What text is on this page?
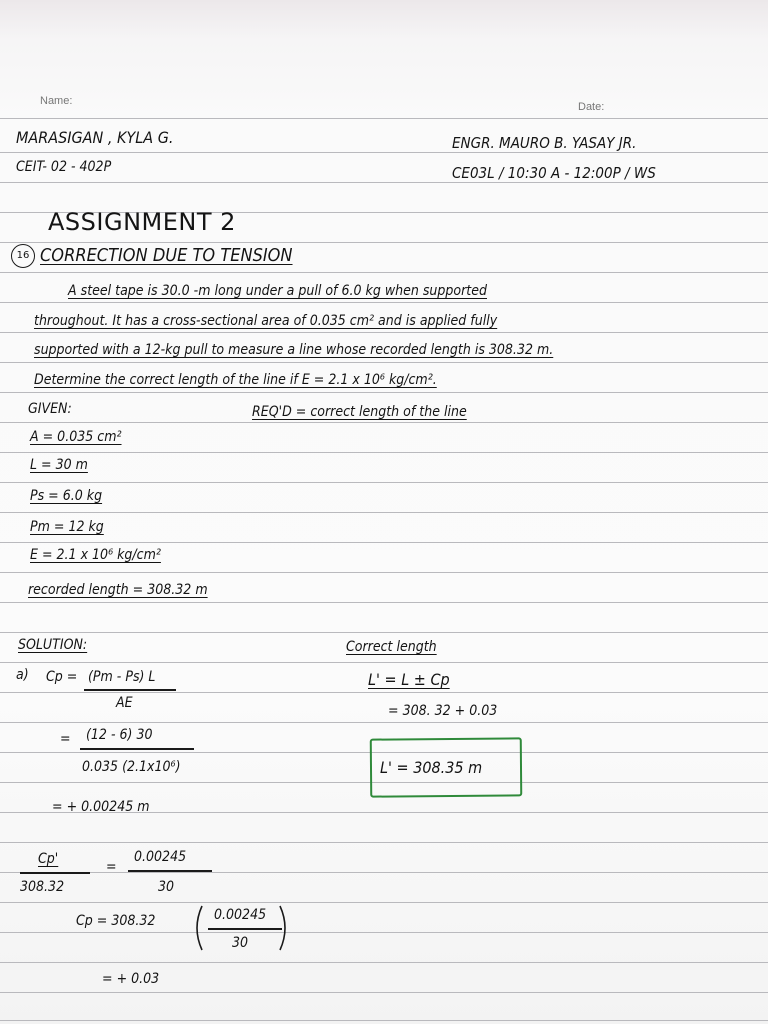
Name:	Date:
MARASIGAN , KYLA G.
CEIT- 02 - 402P
ENGR. MAURO B. YASAY JR.
CE03L / 10:30 A - 12:00P / WS
ASSIGNMENT 2
16 CORRECTION DUE TO TENSION
A steel tape is 30.0 -m long under a pull of 6.0 kg when supported
throughout. It has a cross-sectional area of 0.035 cm² and is applied fully
supported with a 12-kg pull to measure a line whose recorded length is 308.32 m.
Determine the correct length of the line if E = 2.1 x 10⁶ kg/cm².
GIVEN:	REQ'D = correct length of the line
A = 0.035 cm²
L = 30 m
Ps = 6.0 kg
Pm = 12 kg
E = 2.1 x 10⁶ kg/cm²
recorded length = 308.32 m
SOLUTION:
a) Cp = (Pm - Ps) L
AE
= (12 - 6) 30
0.035 (2.1x10⁶)
= + 0.00245 m
Cp'
308.32
=
0.00245
30
Cp = 308.32	0.00245
30
= + 0.03
Correct length
L' = L ± Cp
= 308. 32 + 0.03
L' = 308.35 m
